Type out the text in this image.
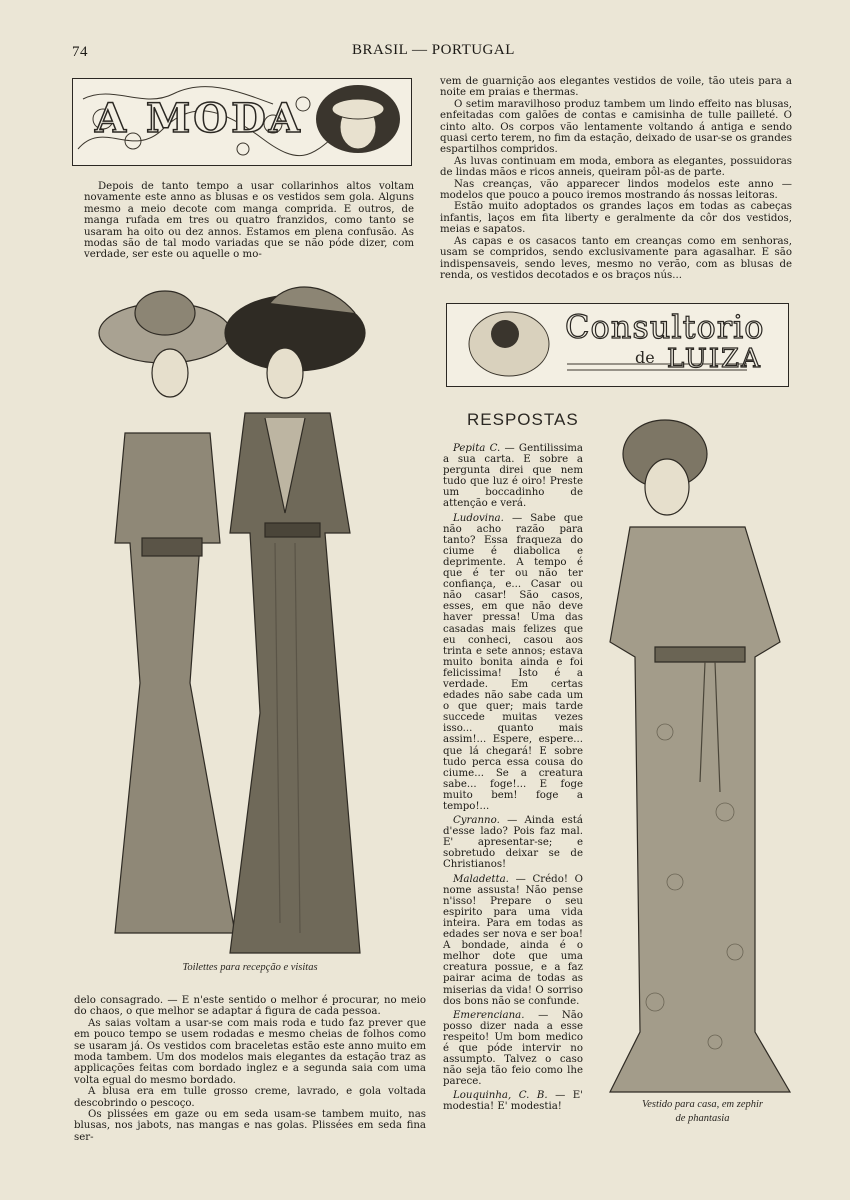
74	BRASIL — PORTUGAL
A MODA

Depois de tanto tempo a usar collarinhos altos voltam novamente este anno as blusas e os vestidos sem gola. Alguns mesmo a meio decote com manga comprida. E outros, de manga rufada em tres ou quatro franzidos, como tanto se usaram ha oito ou dez annos. Estamos em plena confusão. As modas são de tal modo variadas que se não póde dizer, com verdade, ser este ou aquelle o mo-

vem de guarnição aos elegantes vestidos de voile, tão uteis para a noite em praias e thermas.

O setim maravilhoso produz tambem um lindo effeito nas blusas, enfeitadas com galões de contas e camisinha de tulle pailleté. O cinto alto. Os corpos vão lentamente voltando á antiga e sendo quasi certo terem, no fim da estação, deixado de usar-se os grandes espartilhos compridos.

As luvas continuam em moda, embora as elegantes, possuidoras de lindas mãos e ricos anneis, queiram pôl-as de parte.

Nas creanças, vão apparecer lindos modelos este anno — modelos que pouco a pouco iremos mostrando ás nossas leitoras.

Estão muito adoptados os grandes laços em todas as cabeças infantis, laços em fita liberty e geralmente da côr dos vestidos, meias e sapatos.

As capas e os casacos tanto em creanças como em senhoras, usam se compridos, sendo exclusivamente para agasalhar. E são indispensaveis, sendo leves, mesmo no verão, com as blusas de renda, os vestidos decotados e os braços nús...

Consultorio
de LUIZA
RESPOSTAS

Pepita C. — Gentilissima a sua carta. E sobre a pergunta direi que nem tudo que luz é oiro! Preste um boccadinho de attenção e verá.

Ludovina. — Sabe que não acho razão para tanto? Essa fraqueza do ciume é diabolica e deprimente. A tempo é que é ter ou não ter confiança, e... Casar ou não casar! São casos, esses, em que não deve haver pressa! Uma das casadas mais felizes que eu conheci, casou aos trinta e sete annos; estava muito bonita ainda e foi felicissima! Isto é a verdade. Em certas edades não sabe cada um o que quer; mais tarde succede muitas vezes isso... quanto mais assim!... Espere, espere... que lá chegará! E sobre tudo perca essa cousa do ciume... Se a creatura sabe... foge!... E foge muito bem! foge a tempo!...

Cyranno. — Ainda está d'esse lado? Pois faz mal. E' apresentar-se; e sobretudo deixar se de Christianos!

Maladetta. — Crédo! O nome assusta! Não pense n'isso! Prepare o seu espirito para uma vida inteira. Para em todas as edades ser nova e ser boa! A bondade, ainda é o melhor dote que uma creatura possue, e a faz pairar acima de todas as miserias da vida! O sorriso dos bons não se confunde.

Emerenciana. — Não posso dizer nada a esse respeito! Um bom medico é que póde intervir no assumpto. Talvez o caso não seja tão feio como lhe parece.

Louquinha, C. B. — E' modestia! E' modestia!

Toilettes para recepção e visitas
Vestido para casa, em zephir
de phantasia

delo consagrado. — E n'este sentido o melhor é procurar, no meio do chaos, o que melhor se adaptar á figura de cada pessoa.

As saias voltam a usar-se com mais roda e tudo faz prever que em pouco tempo se usem rodadas e mesmo cheias de folhos como se usaram já. Os vestidos com braceletas estão este anno muito em moda tambem. Um dos modelos mais elegantes da estação traz as applicações feitas com bordado inglez e a segunda saia com uma volta egual do mesmo bordado.

A blusa era em tulle grosso creme, lavrado, e gola voltada descobrindo o pescoço.

Os plissées em gaze ou em seda usam-se tambem muito, nas blusas, nos jabots, nas mangas e nas golas. Plissées em seda fina ser-
